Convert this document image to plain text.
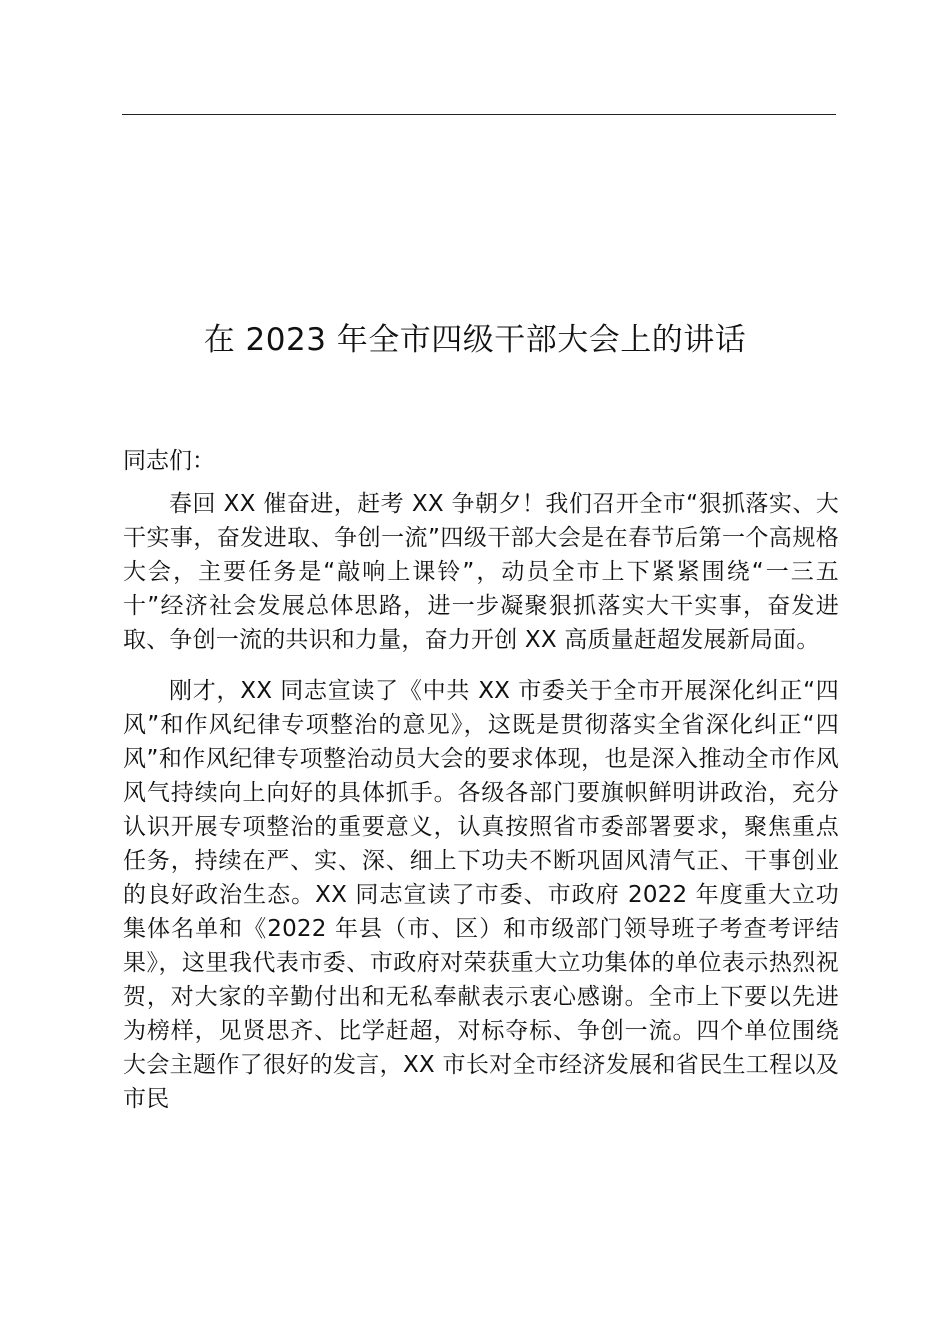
在 2023 年全市四级干部大会上的讲话

同志们：

春回 XX 催奋进，赶考 XX 争朝夕！我们召开全市“狠抓落实、大干实事，奋发进取、争创一流”四级干部大会是在春节后第一个高规格大会，主要任务是“敲响上课铃”，动员全市上下紧紧围绕“一三五十”经济社会发展总体思路，进一步凝聚狠抓落实大干实事，奋发进取、争创一流的共识和力量，奋力开创 XX 高质量赶超发展新局面。

刚才，XX 同志宣读了《中共 XX 市委关于全市开展深化纠正“四风”和作风纪律专项整治的意见》，这既是贯彻落实全省深化纠正“四风”和作风纪律专项整治动员大会的要求体现，也是深入推动全市作风风气持续向上向好的具体抓手。各级各部门要旗帜鲜明讲政治，充分认识开展专项整治的重要意义，认真按照省市委部署要求，聚焦重点任务，持续在严、实、深、细上下功夫不断巩固风清气正、干事创业的良好政治生态。XX 同志宣读了市委、市政府 2022 年度重大立功集体名单和《2022 年县（市、区）和市级部门领导班子考查考评结果》，这里我代表市委、市政府对荣获重大立功集体的单位表示热烈祝贺，对大家的辛勤付出和无私奉献表示衷心感谢。全市上下要以先进为榜样，见贤思齐、比学赶超，对标夺标、争创一流。四个单位围绕大会主题作了很好的发言，XX 市长对全市经济发展和省民生工程以及市民
